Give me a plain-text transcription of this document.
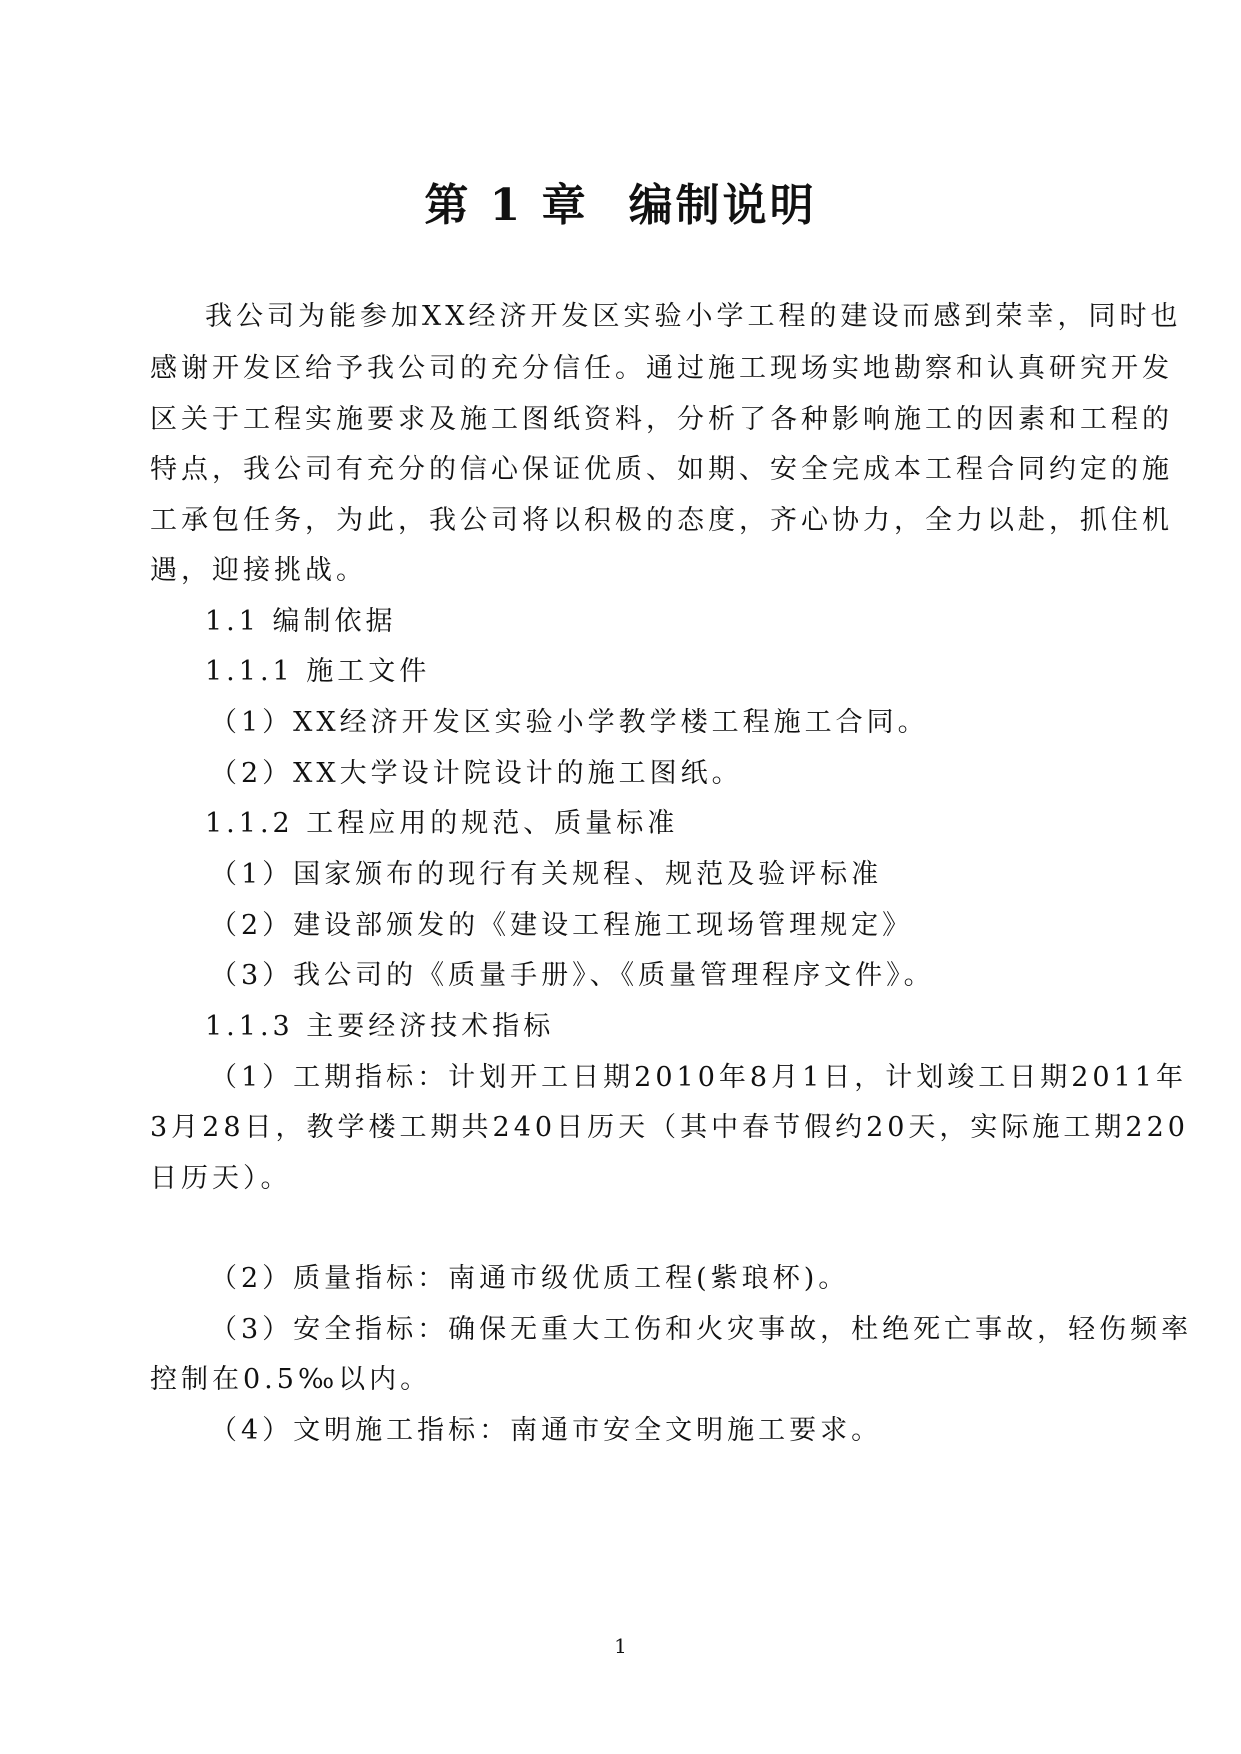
第 1 章 编制说明
我公司为能参加XX经济开发区实验小学工程的建设而感到荣幸，同时也
感谢开发区给予我公司的充分信任。通过施工现场实地勘察和认真研究开发
区关于工程实施要求及施工图纸资料，分析了各种影响施工的因素和工程的
特点，我公司有充分的信心保证优质、如期、安全完成本工程合同约定的施
工承包任务，为此，我公司将以积极的态度，齐心协力，全力以赴，抓住机
遇，迎接挑战。
1.1 编制依据
1.1.1 施工文件
（1）XX经济开发区实验小学教学楼工程施工合同。
（2）XX大学设计院设计的施工图纸。
1.1.2 工程应用的规范、质量标准
（1）国家颁布的现行有关规程、规范及验评标准
（2）建设部颁发的《建设工程施工现场管理规定》
（3）我公司的《质量手册》、《质量管理程序文件》。
1.1.3 主要经济技术指标
（1）工期指标：计划开工日期2010年8月1日，计划竣工日期2011年
3月28日，教学楼工期共240日历天（其中春节假约20天，实际施工期220
日历天）。
（2）质量指标：南通市级优质工程(紫琅杯)。
（3）安全指标：确保无重大工伤和火灾事故，杜绝死亡事故，轻伤频率
控制在0.5‰以内。
（4）文明施工指标：南通市安全文明施工要求。
1
